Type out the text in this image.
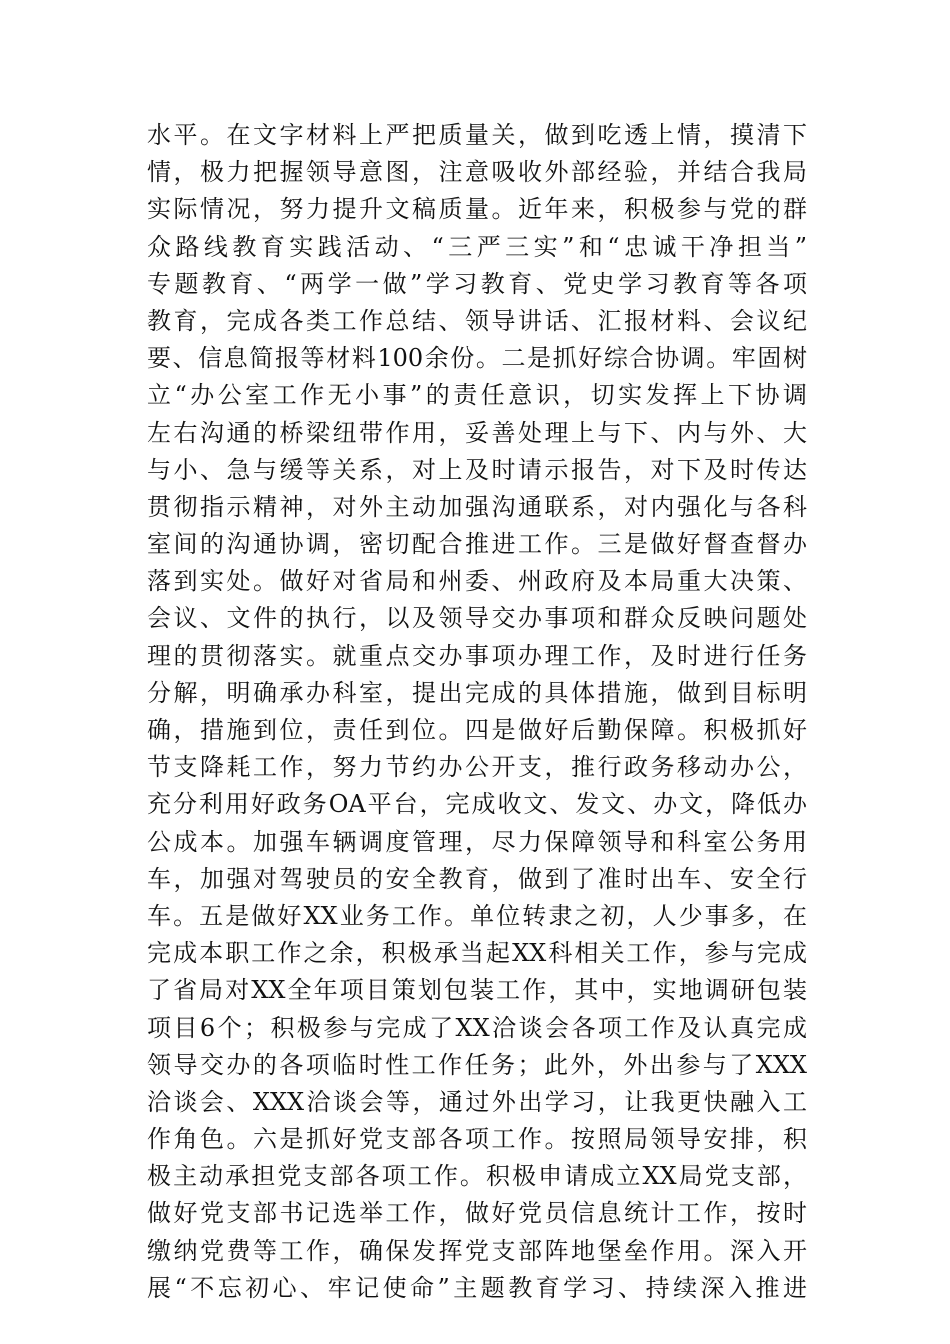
水平。在文字材料上严把质量关，做到吃透上情，摸清下
情，极力把握领导意图，注意吸收外部经验，并结合我局
实际情况，努力提升文稿质量。近年来，积极参与党的群
众路线教育实践活动、“三严三实”和“忠诚干净担当”
专题教育、“两学一做”学习教育、党史学习教育等各项
教育，完成各类工作总结、领导讲话、汇报材料、会议纪
要、信息简报等材料100余份。二是抓好综合协调。牢固树
立“办公室工作无小事”的责任意识，切实发挥上下协调
左右沟通的桥梁纽带作用，妥善处理上与下、内与外、大
与小、急与缓等关系，对上及时请示报告，对下及时传达
贯彻指示精神，对外主动加强沟通联系，对内强化与各科
室间的沟通协调，密切配合推进工作。三是做好督查督办
落到实处。做好对省局和州委、州政府及本局重大决策、
会议、文件的执行，以及领导交办事项和群众反映问题处
理的贯彻落实。就重点交办事项办理工作，及时进行任务
分解，明确承办科室，提出完成的具体措施，做到目标明
确，措施到位，责任到位。四是做好后勤保障。积极抓好
节支降耗工作，努力节约办公开支，推行政务移动办公，
充分利用好政务OA平台，完成收文、发文、办文，降低办
公成本。加强车辆调度管理，尽力保障领导和科室公务用
车，加强对驾驶员的安全教育，做到了准时出车、安全行
车。五是做好XX业务工作。单位转隶之初，人少事多，在
完成本职工作之余，积极承当起XX科相关工作，参与完成
了省局对XX全年项目策划包装工作，其中，实地调研包装
项目6个；积极参与完成了XX洽谈会各项工作及认真完成
领导交办的各项临时性工作任务；此外，外出参与了XXX
洽谈会、XXX洽谈会等，通过外出学习，让我更快融入工
作角色。六是抓好党支部各项工作。按照局领导安排，积
极主动承担党支部各项工作。积极申请成立XX局党支部，
做好党支部书记选举工作，做好党员信息统计工作，按时
缴纳党费等工作，确保发挥党支部阵地堡垒作用。深入开
展“不忘初心、牢记使命”主题教育学习、持续深入推进
